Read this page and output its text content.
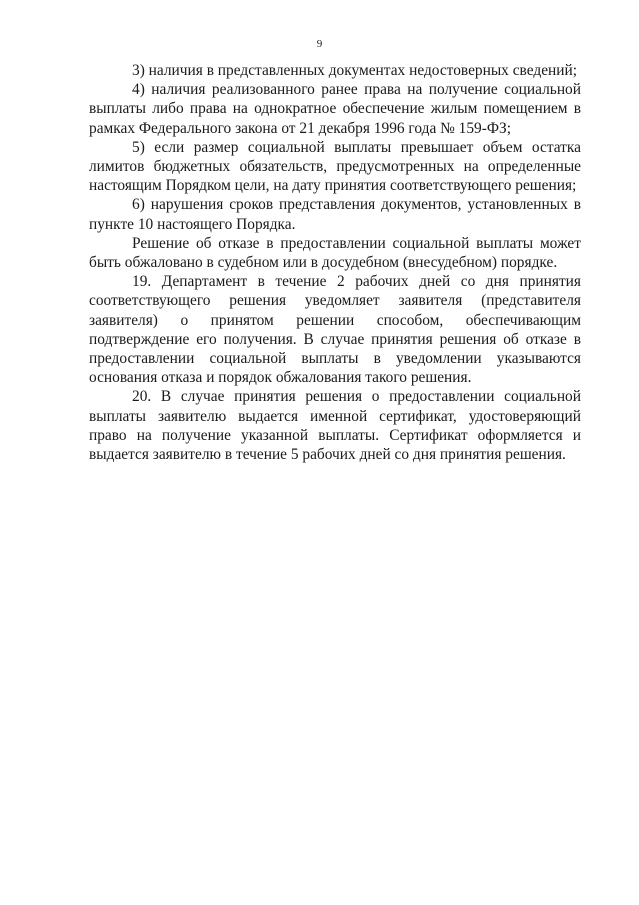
9

3) наличия в представленных документах недостоверных сведений;

4) наличия реализованного ранее права на получение социальной выплаты либо права на однократное обеспечение жилым помещением в рамках Федерального закона от 21 декабря 1996 года № 159-ФЗ;

5) если размер социальной выплаты превышает объем остатка лимитов бюджетных обязательств, предусмотренных на определенные настоящим Порядком цели, на дату принятия соответствующего решения;

6) нарушения сроков представления документов, установленных в пункте 10 настоящего Порядка.

Решение об отказе в предоставлении социальной выплаты может быть обжаловано в судебном или в досудебном (внесудебном) порядке.

19. Департамент в течение 2 рабочих дней со дня принятия соответствующего решения уведомляет заявителя (представителя заявителя) о принятом решении способом, обеспечивающим подтверждение его получения. В случае принятия решения об отказе в предоставлении социальной выплаты в уведомлении указываются основания отказа и порядок обжалования такого решения.

20. В случае принятия решения о предоставлении социальной выплаты заявителю выдается именной сертификат, удостоверяющий право на получение указанной выплаты. Сертификат оформляется и выдается заявителю в течение 5 рабочих дней со дня принятия решения.
